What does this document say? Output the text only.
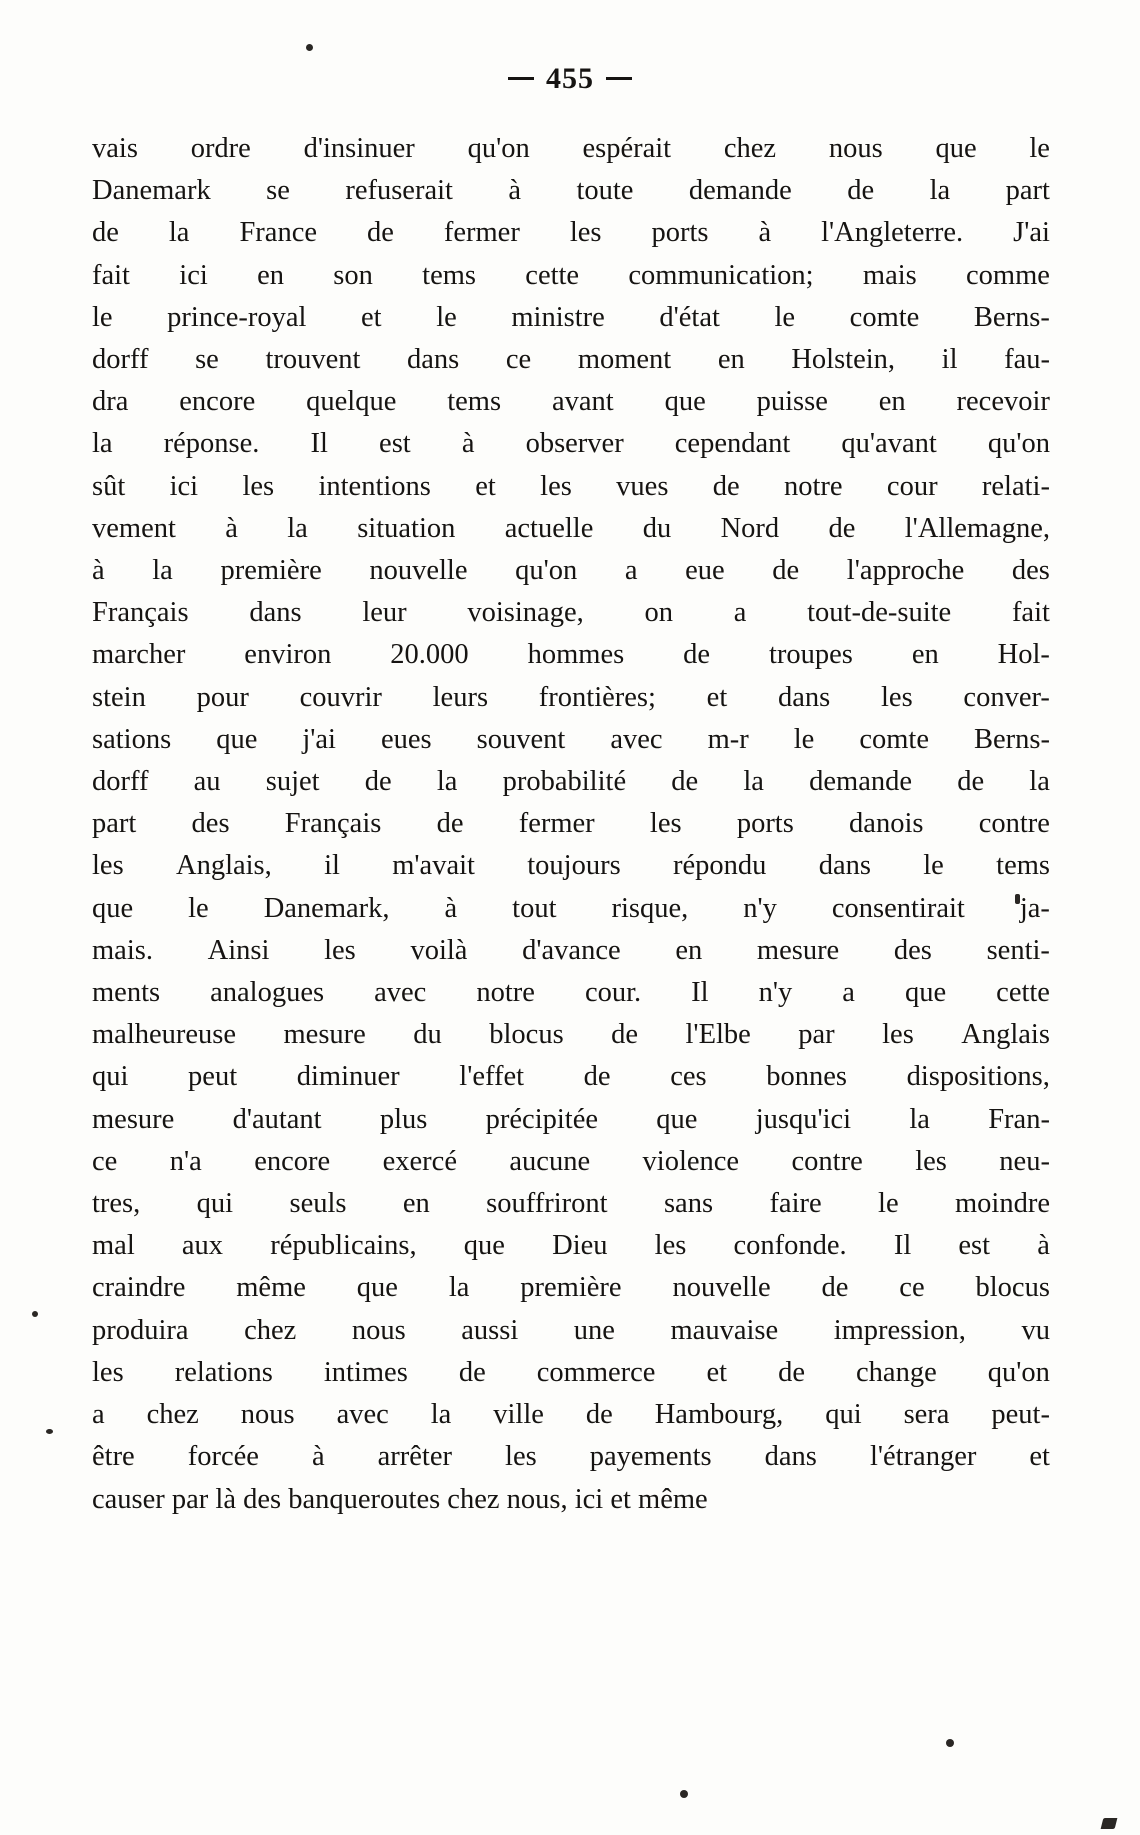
455
vais ordre d'insinuer qu'on espérait chez nous que le
Danemark se refuserait à toute demande de la part
de la France de fermer les ports à l'Angleterre. J'ai
fait ici en son tems cette communication; mais comme
le prince-royal et le ministre d'état le comte Berns-
dorff se trouvent dans ce moment en Holstein, il fau-
dra encore quelque tems avant que puisse en recevoir
la réponse. Il est à observer cependant qu'avant qu'on
sût ici les intentions et les vues de notre cour relati-
vement à la situation actuelle du Nord de l'Allemagne,
à la première nouvelle qu'on a eue de l'approche des
Français dans leur voisinage, on a tout-de-suite fait
marcher environ 20.000 hommes de troupes en Hol-
stein pour couvrir leurs frontières; et dans les conver-
sations que j'ai eues souvent avec m-r le comte Berns-
dorff au sujet de la probabilité de la demande de la
part des Français de fermer les ports danois contre
les Anglais, il m'avait toujours répondu dans le tems
que le Danemark, à tout risque, n'y consentirait ja-
mais. Ainsi les voilà d'avance en mesure des senti-
ments analogues avec notre cour. Il n'y a que cette
malheureuse mesure du blocus de l'Elbe par les Anglais
qui peut diminuer l'effet de ces bonnes dispositions,
mesure d'autant plus précipitée que jusqu'ici la Fran-
ce n'a encore exercé aucune violence contre les neu-
tres, qui seuls en souffriront sans faire le moindre
mal aux républicains, que Dieu les confonde. Il est à
craindre même que la première nouvelle de ce blocus
produira chez nous aussi une mauvaise impression, vu
les relations intimes de commerce et de change qu'on
a chez nous avec la ville de Hambourg, qui sera peut-
être forcée à arrêter les payements dans l'étranger et
causer par là des banqueroutes chez nous, ici et même
